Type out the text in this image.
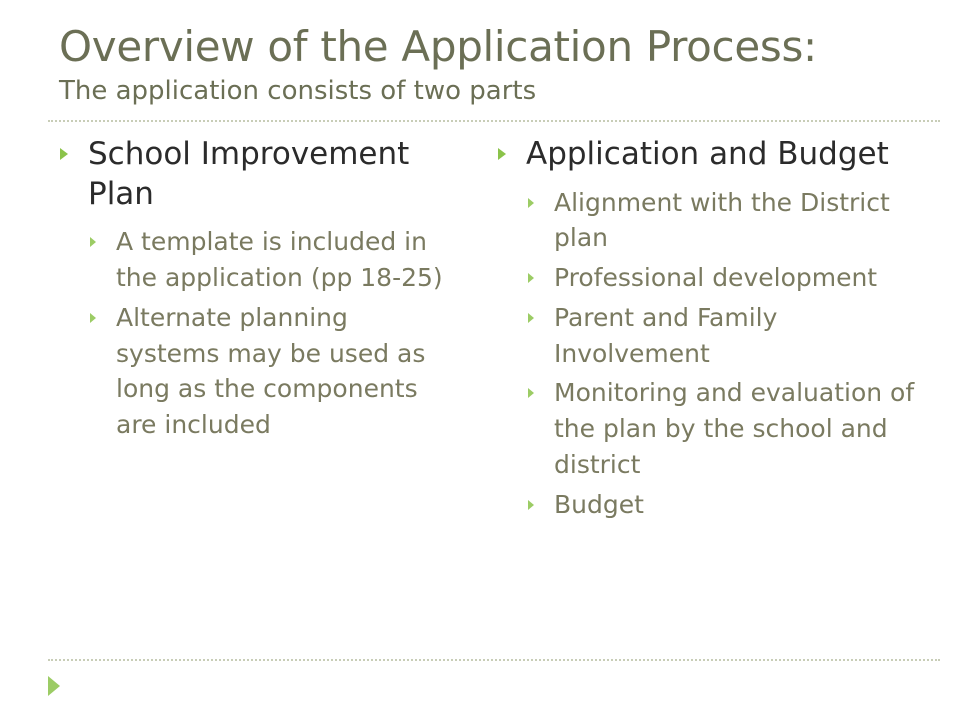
Overview of the Application Process:
The application consists of two parts
School Improvement Plan
A template is included in the application (pp 18-25)
Alternate planning systems may be used as long as the components are included
Application and Budget
Alignment with the District plan
Professional development
Parent and Family Involvement
Monitoring and evaluation of the plan by the school and district
Budget
